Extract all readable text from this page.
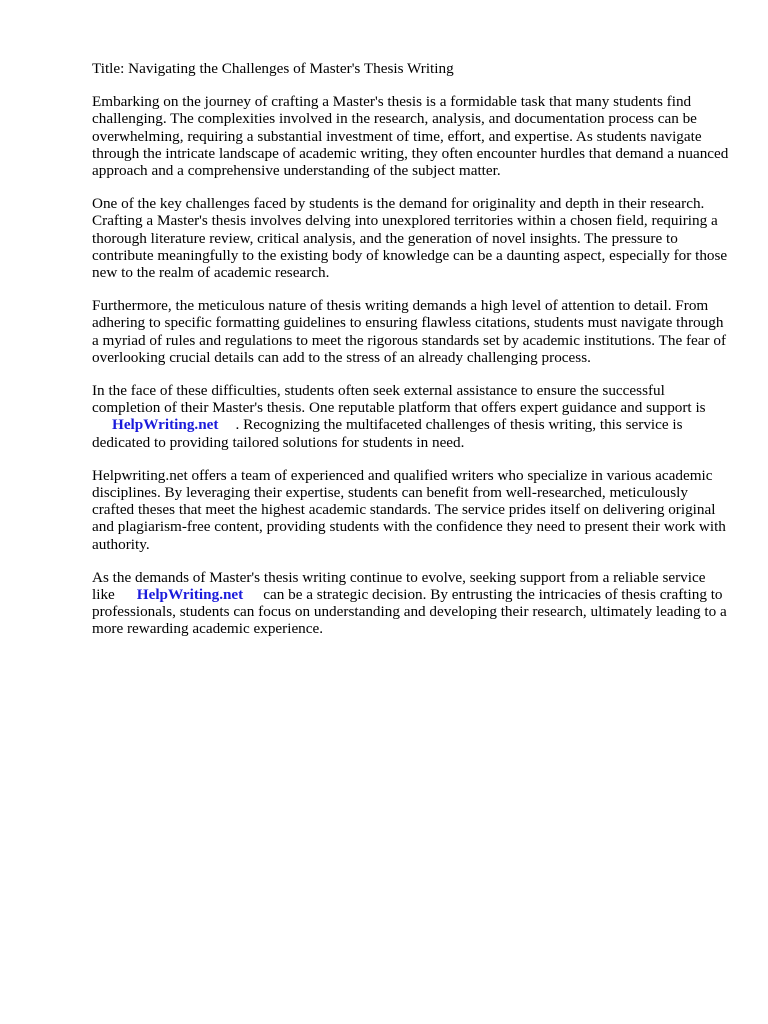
Title: Navigating the Challenges of Master's Thesis Writing

Embarking on the journey of crafting a Master's thesis is a formidable task that many students find challenging. The complexities involved in the research, analysis, and documentation process can be overwhelming, requiring a substantial investment of time, effort, and expertise. As students navigate through the intricate landscape of academic writing, they often encounter hurdles that demand a nuanced approach and a comprehensive understanding of the subject matter.

One of the key challenges faced by students is the demand for originality and depth in their research. Crafting a Master's thesis involves delving into unexplored territories within a chosen field, requiring a thorough literature review, critical analysis, and the generation of novel insights. The pressure to contribute meaningfully to the existing body of knowledge can be a daunting aspect, especially for those new to the realm of academic research.

Furthermore, the meticulous nature of thesis writing demands a high level of attention to detail. From adhering to specific formatting guidelines to ensuring flawless citations, students must navigate through a myriad of rules and regulations to meet the rigorous standards set by academic institutions. The fear of overlooking crucial details can add to the stress of an already challenging process.

In the face of these difficulties, students often seek external assistance to ensure the successful completion of their Master's thesis. One reputable platform that offers expert guidance and support is
HelpWriting.net . Recognizing the multifaceted challenges of thesis writing, this service is dedicated to providing tailored solutions for students in need.

Helpwriting.net offers a team of experienced and qualified writers who specialize in various academic disciplines. By leveraging their expertise, students can benefit from well-researched, meticulously crafted theses that meet the highest academic standards. The service prides itself on delivering original and plagiarism-free content, providing students with the confidence they need to present their work with authority.

As the demands of Master's thesis writing continue to evolve, seeking support from a reliable service like HelpWriting.net can be a strategic decision. By entrusting the intricacies of thesis crafting to professionals, students can focus on understanding and developing their research, ultimately leading to a more rewarding academic experience.
